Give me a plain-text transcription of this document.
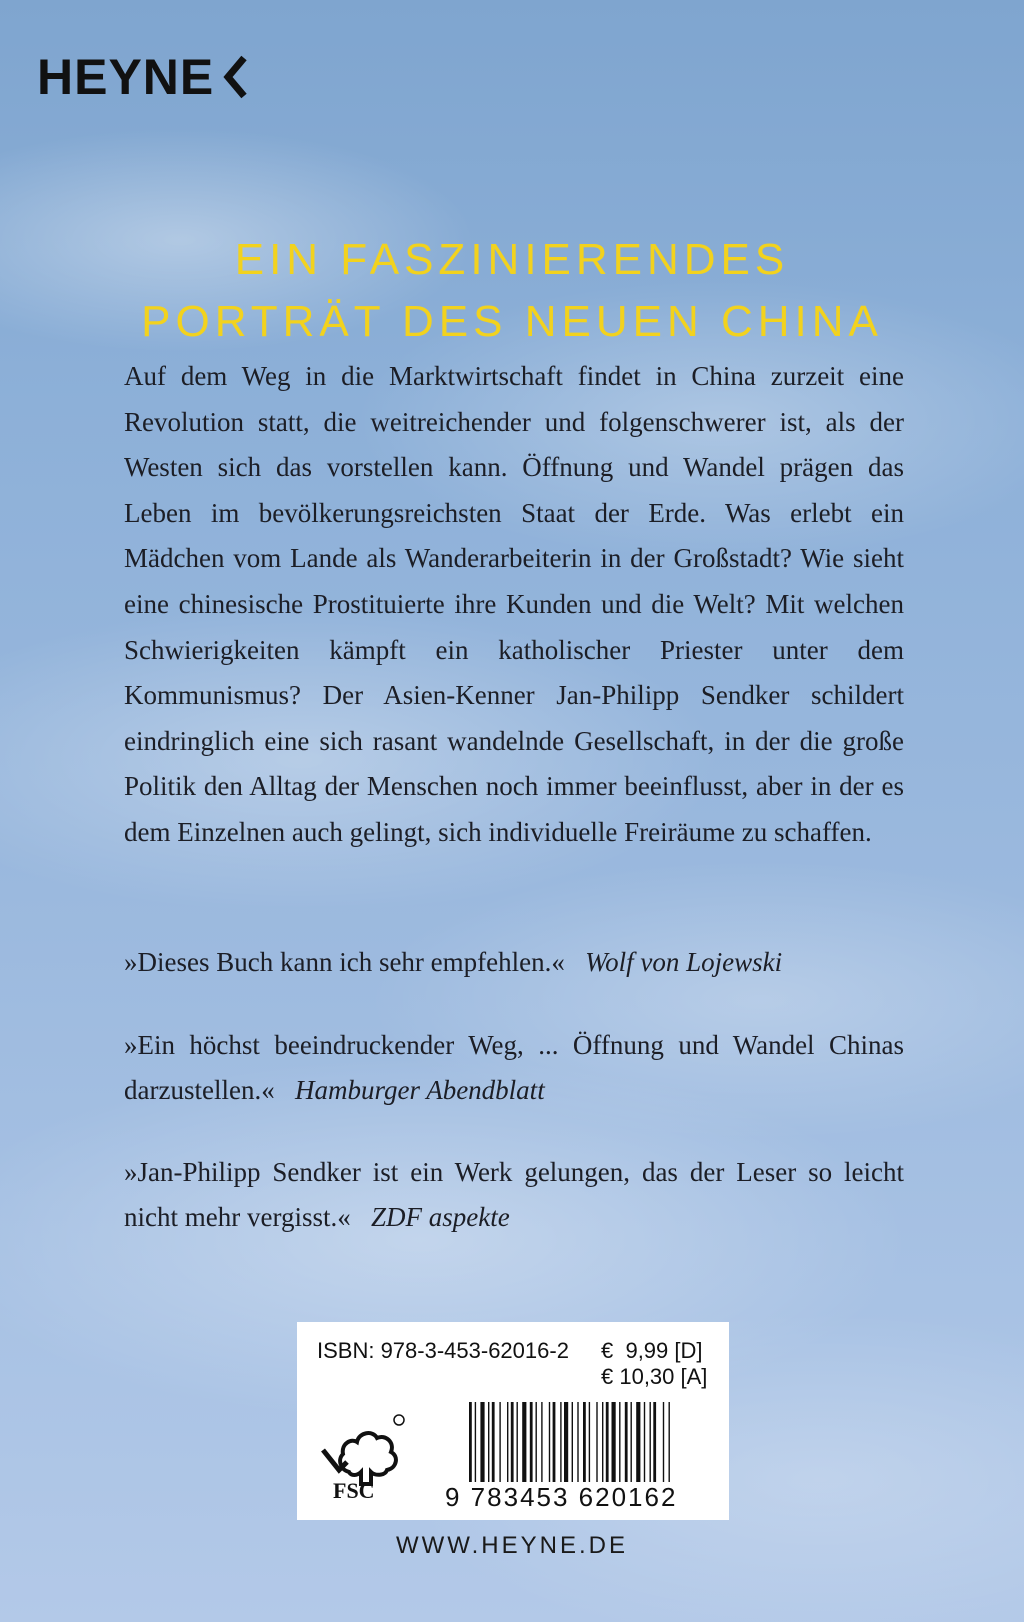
HEYNE
EIN FASZINIERENDES
PORTRÄT DES NEUEN CHINA

Auf dem Weg in die Marktwirtschaft findet in China zurzeit eine Revolution statt, die weitreichender und folgenschwerer ist, als der Westen sich das vorstellen kann. Öffnung und Wandel prägen das Leben im bevölkerungsreichsten Staat der Erde. Was erlebt ein Mädchen vom Lande als Wanderarbeiterin in der Großstadt? Wie sieht eine chinesische Prostituierte ihre Kunden und die Welt? Mit welchen Schwierigkeiten kämpft ein katholischer Priester unter dem Kommunismus? Der Asien-Kenner Jan-Philipp Sendker schildert eindringlich eine sich rasant wandelnde Gesellschaft, in der die große Politik den Alltag der Menschen noch immer beeinflusst, aber in der es dem Einzelnen auch gelingt, sich individuelle Freiräume zu schaffen.

»Dieses Buch kann ich sehr empfehlen.« Wolf von Lojewski

»Ein höchst beeindruckender Weg, ... Öffnung und Wandel Chinas darzustellen.« Hamburger Abendblatt

»Jan-Philipp Sendker ist ein Werk gelungen, das der Leser so leicht nicht mehr vergisst.« ZDF aspekte

ISBN: 978-3-453-62016-2 €  9,99 [D]
€ 10,30 [A]
FSC	9 783453 620162
WWW.HEYNE.DE
